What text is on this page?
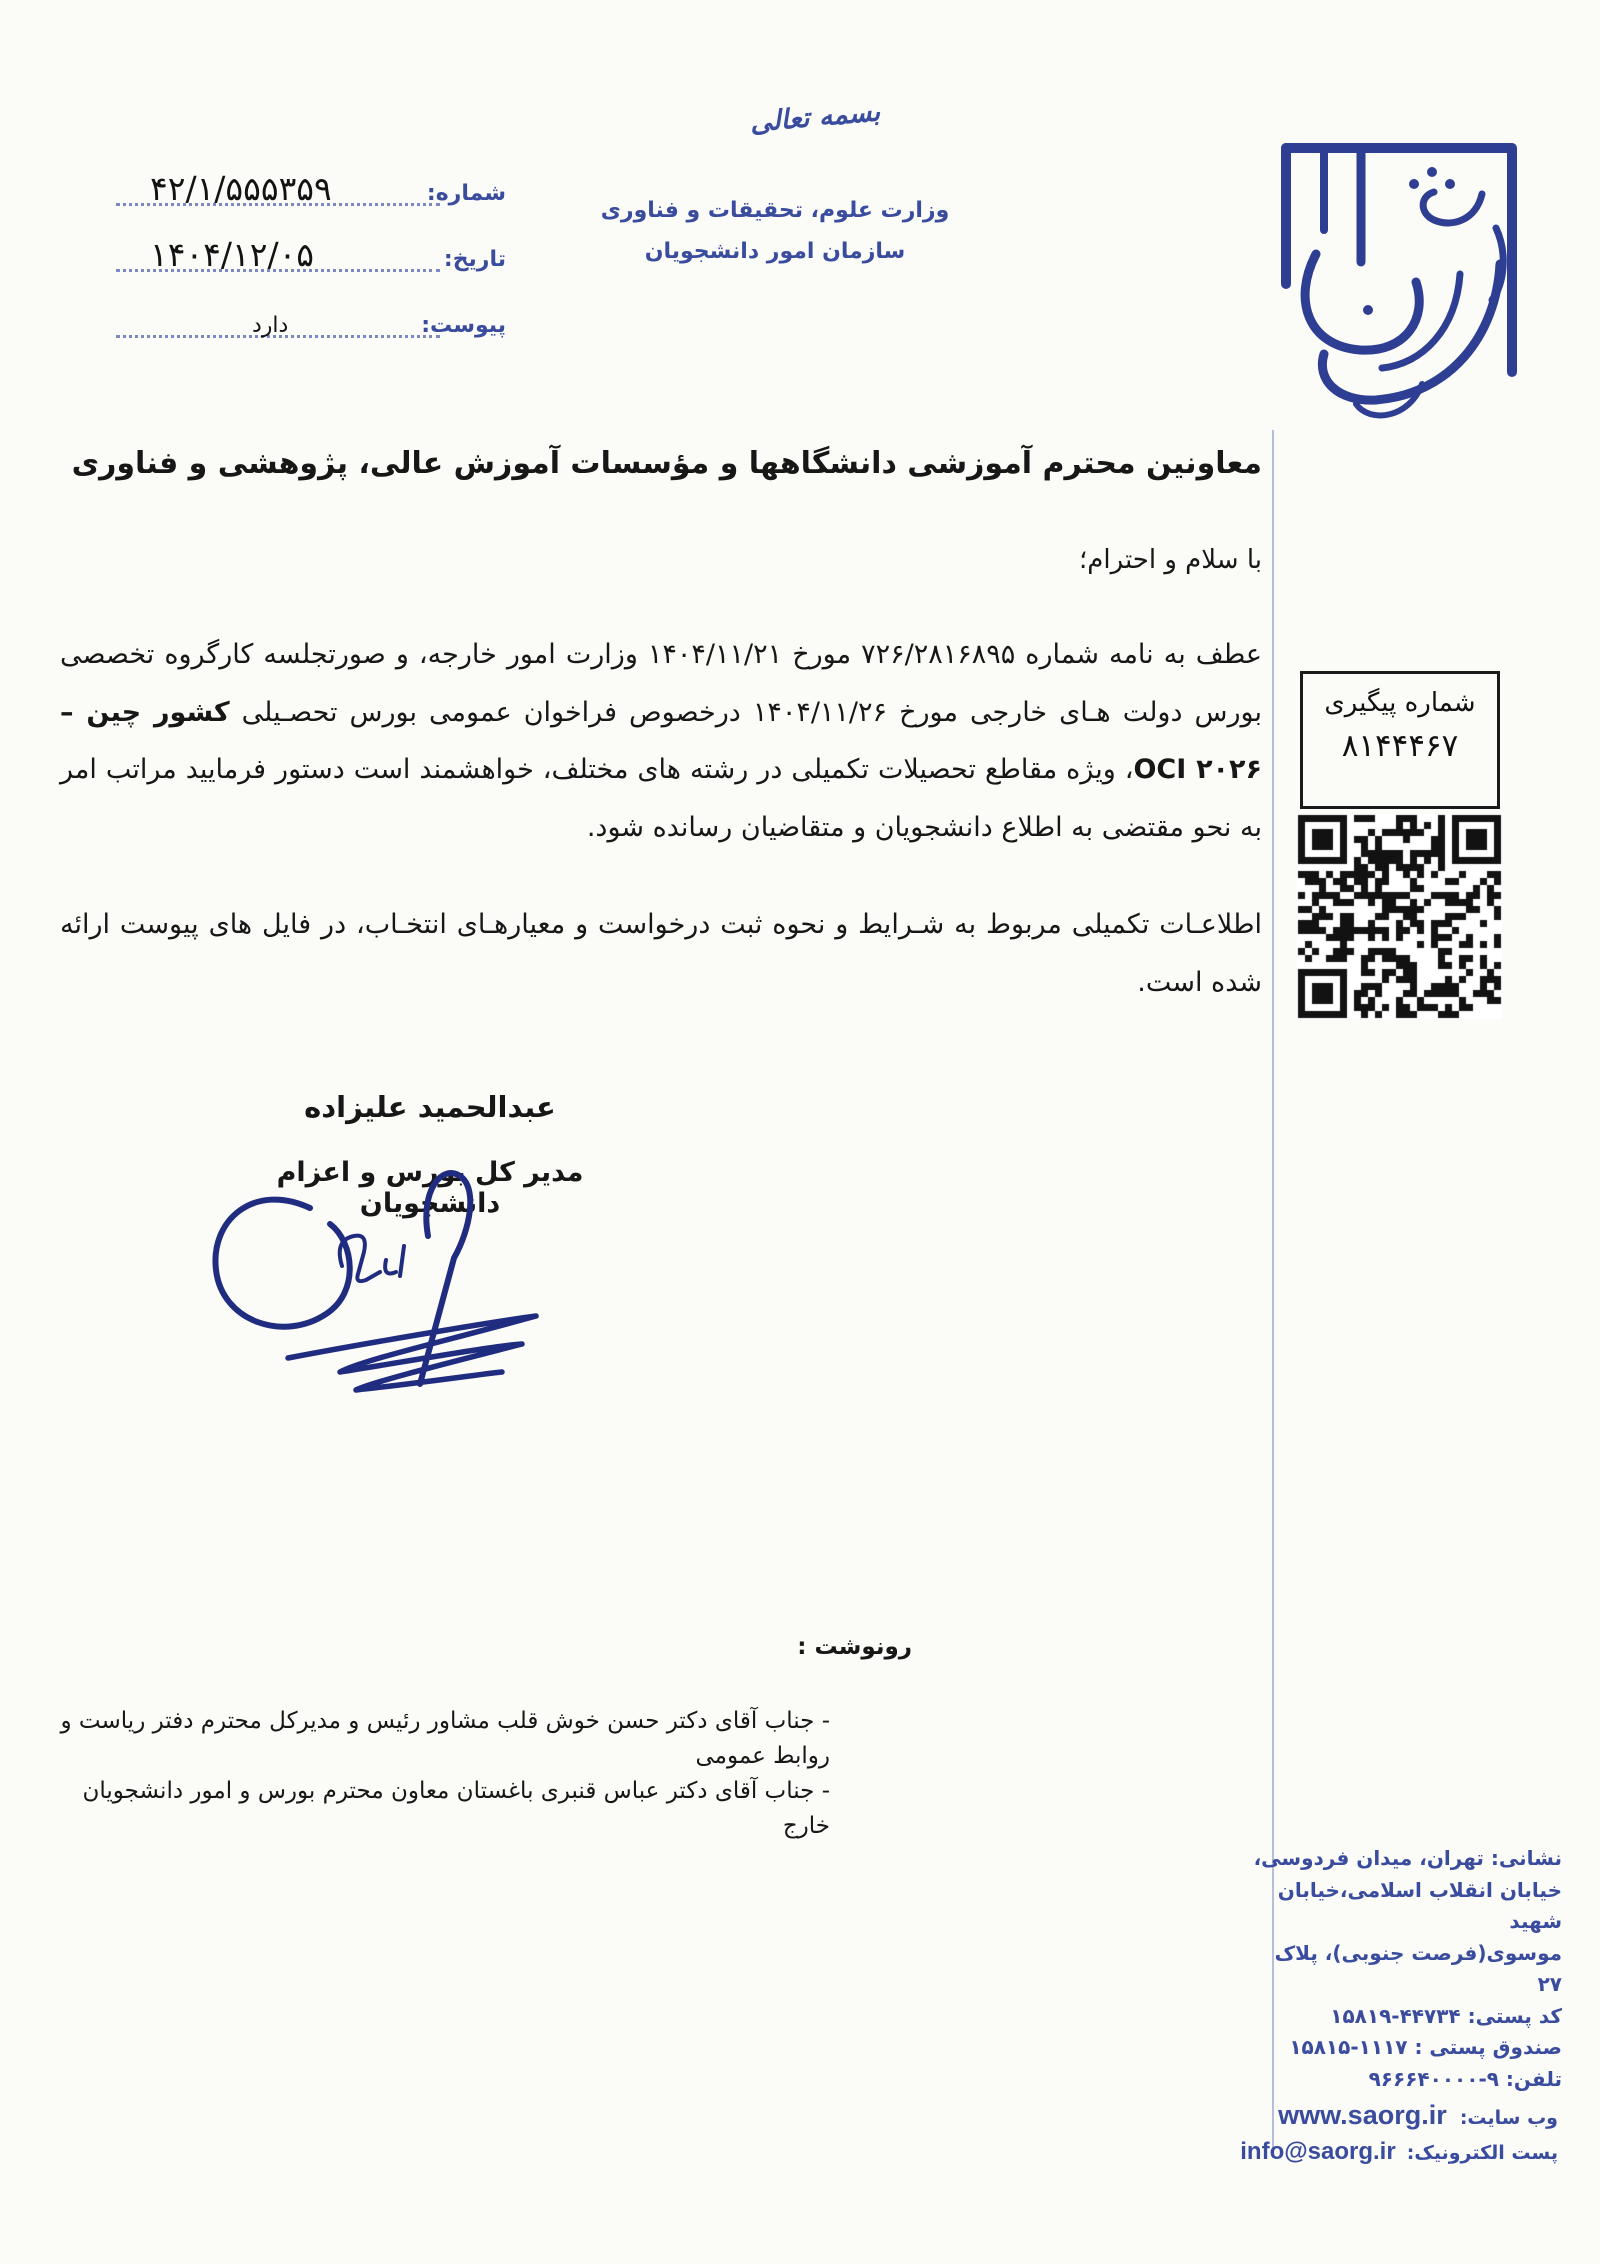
بسمه تعالی
وزارت علوم، تحقیقات و فناوری
سازمان امور دانشجویان
شماره:
۴۲/۱/۵۵۵۳۵۹
تاریخ:
۱۴۰۴/۱۲/۰۵
پیوست:
دارد
شماره پیگیری
۸۱۴۴۴۶۷
معاونین محترم آموزشی دانشگاهها و مؤسسات آموزش عالی، پژوهشی و فناوری
با سلام و احترام؛
عطف به نامه شماره ۷۲۶/۲۸۱۶۸۹۵ مورخ ۱۴۰۴/۱۱/۲۱ وزارت امور خارجه، و صورتجلسه کارگروه تخصصی بورس دولت هـای خارجی مورخ ۱۴۰۴/۱۱/۲۶ درخصوص فراخوان عمومی بورس تحصـیلی کشور چین – OCI ۲۰۲۶، ویژه مقاطع تحصیلات تکمیلی در رشته های مختلف، خواهشمند است دستور فرمایید مراتب امر به نحو مقتضی به اطلاع دانشجویان و متقاضیان رسانده شود.
اطلاعـات تکمیلی مربوط به شـرایط و نحوه ثبت درخواست و معیارهـای انتخـاب، در فایل های پیوست ارائه شده است.
عبدالحمید علیزاده
مدیر کل بورس و اعزام دانشجویان
رونوشت :
- جناب آقای دکتر حسن خوش قلب مشاور رئیس و مدیرکل محترم دفتر ریاست و روابط عمومی
- جناب آقای دکتر عباس قنبری باغستان معاون محترم بورس و امور دانشجویان خارج
نشانی: تهران، میدان فردوسی،
خیابان انقلاب اسلامی،خیابان شهید
موسوی(فرصت جنوبی)، پلاک ۲۷
کد پستی: ۱۵۸۱۹-۴۴۷۳۴
صندوق پستی : ۱۵۸۱۵-۱۱۱۷
تلفن: ۹۶۶۶۴۰۰۰۰-۹
وب سایت: www.saorg.ir
پست الکترونیک: info@saorg.ir
